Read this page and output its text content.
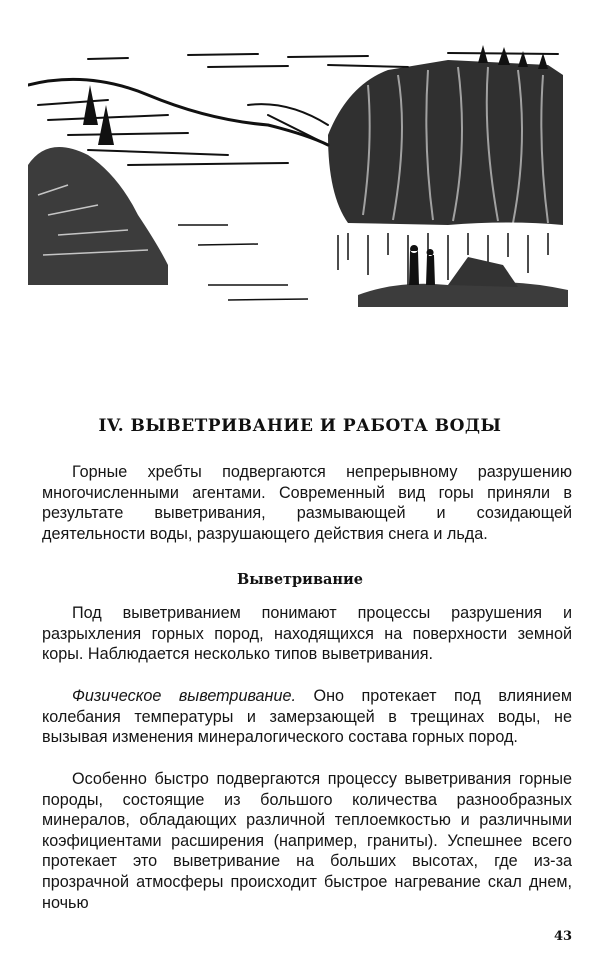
IV. ВЫВЕТРИВАНИЕ И РАБОТА ВОДЫ

Горные хребты подвергаются непрерывному разрушению многочисленными агентами. Современный вид горы приняли в результате выветривания, размывающей и созидающей деятельности воды, разрушающего действия снега и льда.

Выветривание

Под выветриванием понимают процессы разрушения и разрыхления горных пород, находящихся на поверхности земной коры. Наблюдается несколько типов выветривания.

Физическое выветривание. Оно протекает под влиянием колебания температуры и замерзающей в трещинах воды, не вызывая изменения минералогического состава горных пород.

Особенно быстро подвергаются процессу выветривания горные породы, состоящие из большого количества разнообразных минералов, обладающих различной теплоемкостью и различными коэфициентами расширения (например, граниты). Успешнее всего протекает это выветривание на больших высотах, где из-за прозрачной атмосферы происходит быстрое нагревание скал днем, ночью

43
